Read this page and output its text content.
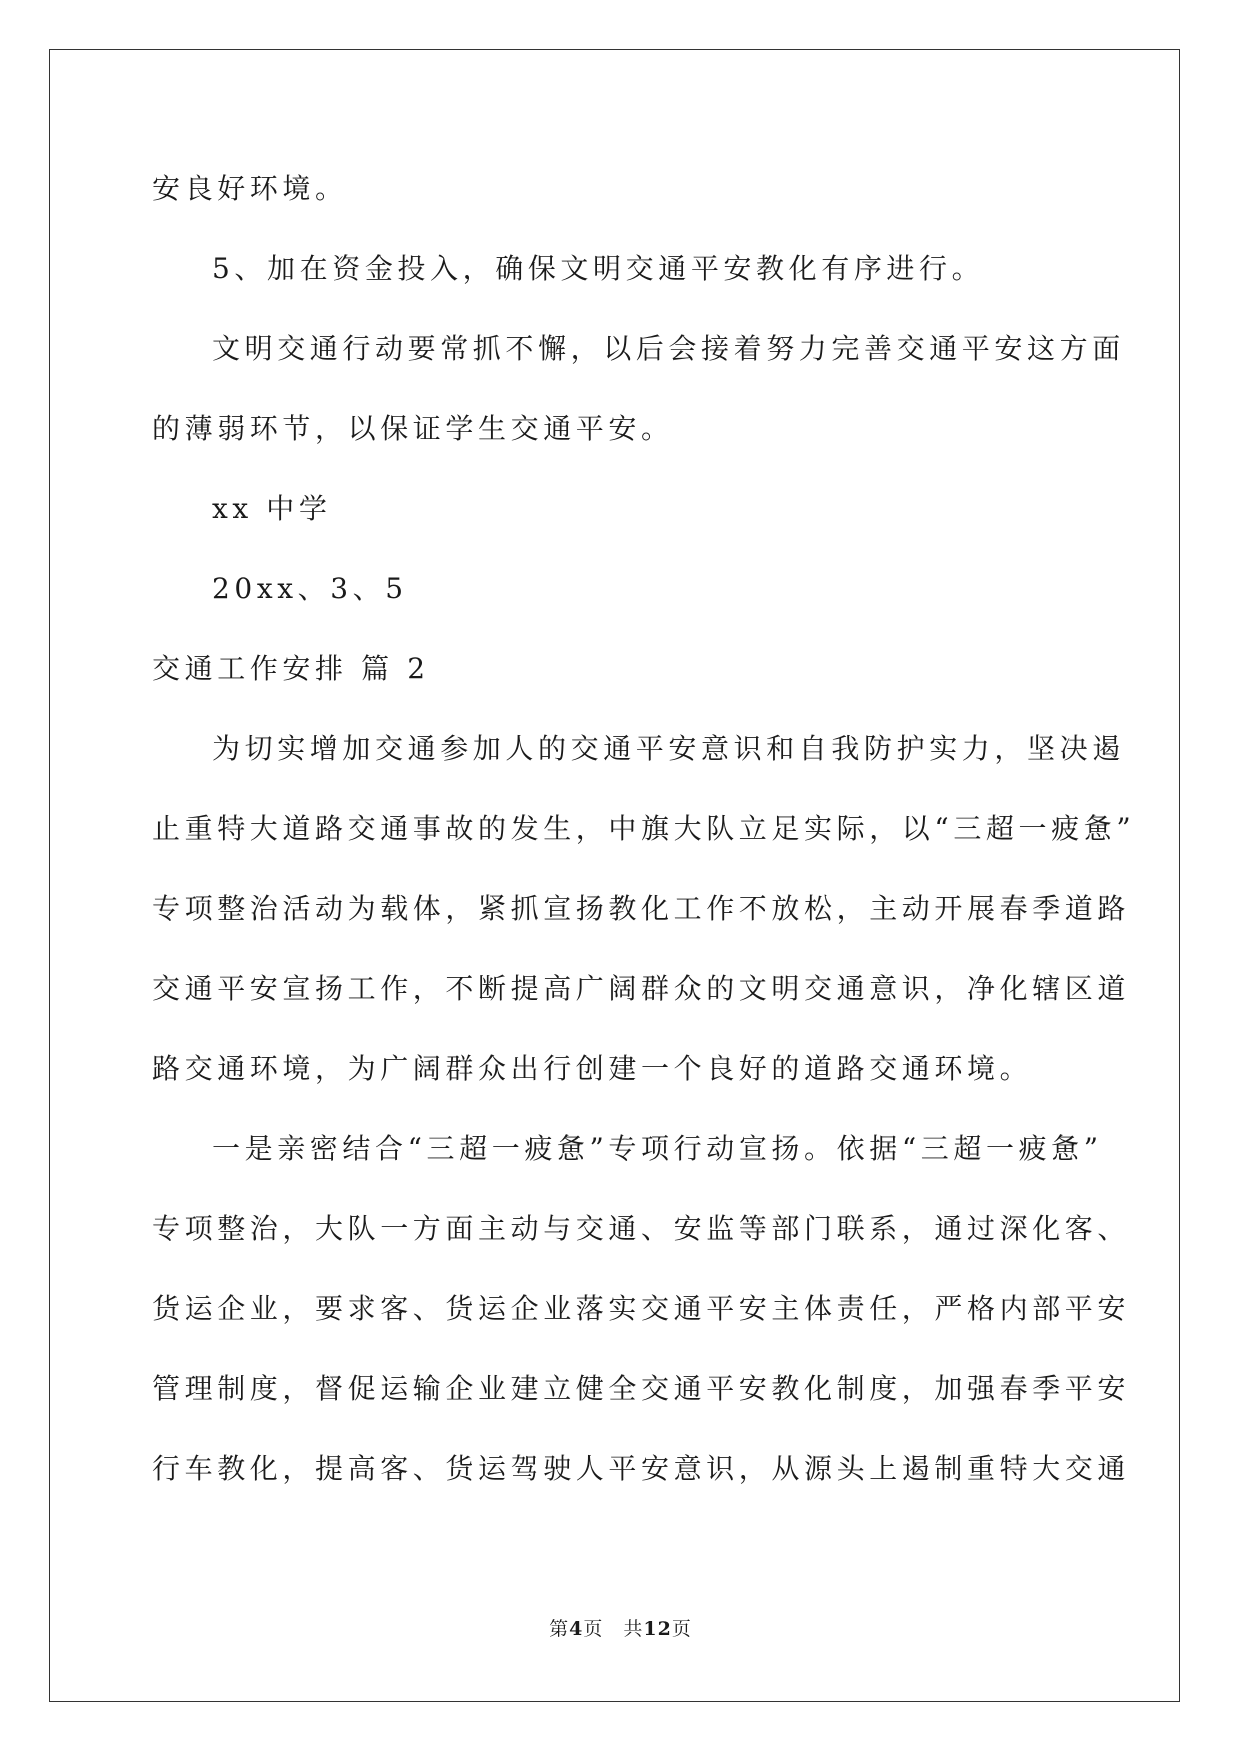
安良好环境。
5、加在资金投入，确保文明交通平安教化有序进行。
文明交通行动要常抓不懈，以后会接着努力完善交通平安这方面
的薄弱环节，以保证学生交通平安。
xx 中学
20xx、3、5
交通工作安排 篇 2
为切实增加交通参加人的交通平安意识和自我防护实力，坚决遏
止重特大道路交通事故的发生，中旗大队立足实际，以“三超一疲惫”
专项整治活动为载体，紧抓宣扬教化工作不放松，主动开展春季道路
交通平安宣扬工作，不断提高广阔群众的文明交通意识，净化辖区道
路交通环境，为广阔群众出行创建一个良好的道路交通环境。
一是亲密结合“三超一疲惫”专项行动宣扬。依据“三超一疲惫”
专项整治，大队一方面主动与交通、安监等部门联系，通过深化客、
货运企业，要求客、货运企业落实交通平安主体责任，严格内部平安
管理制度，督促运输企业建立健全交通平安教化制度，加强春季平安
行车教化，提高客、货运驾驶人平安意识，从源头上遏制重特大交通
第4页 共12页
